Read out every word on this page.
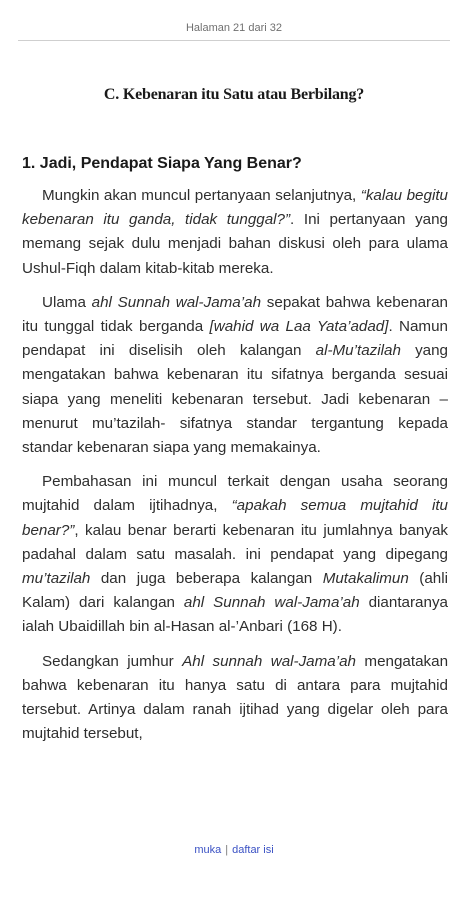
Halaman 21 dari 32
C. Kebenaran itu Satu atau Berbilang?
1. Jadi, Pendapat Siapa Yang Benar?

Mungkin akan muncul pertanyaan selanjutnya, “kalau begitu kebenaran itu ganda, tidak tunggal?”. Ini pertanyaan yang memang sejak dulu menjadi bahan diskusi oleh para ulama Ushul-Fiqh dalam kitab-kitab mereka.

Ulama ahl Sunnah wal-Jama’ah sepakat bahwa kebenaran itu tunggal tidak berganda [wahid wa Laa Yata’adad]. Namun pendapat ini diselisih oleh kalangan al-Mu’tazilah yang mengatakan bahwa kebenaran itu sifatnya berganda sesuai siapa yang meneliti kebenaran tersebut. Jadi kebenaran – menurut mu’tazilah- sifatnya standar tergantung kepada standar kebenaran siapa yang memakainya.

Pembahasan ini muncul terkait dengan usaha seorang mujtahid dalam ijtihadnya, “apakah semua mujtahid itu benar?”, kalau benar berarti kebenaran itu jumlahnya banyak padahal dalam satu masalah. ini pendapat yang dipegang mu’tazilah dan juga beberapa kalangan Mutakalimun (ahli Kalam) dari kalangan ahl Sunnah wal-Jama’ah diantaranya ialah Ubaidillah bin al-Hasan al-’Anbari (168 H).

Sedangkan jumhur Ahl sunnah wal-Jama’ah mengatakan bahwa kebenaran itu hanya satu di antara para mujtahid tersebut. Artinya dalam ranah ijtihad yang digelar oleh para mujtahid tersebut,

muka | daftar isi
